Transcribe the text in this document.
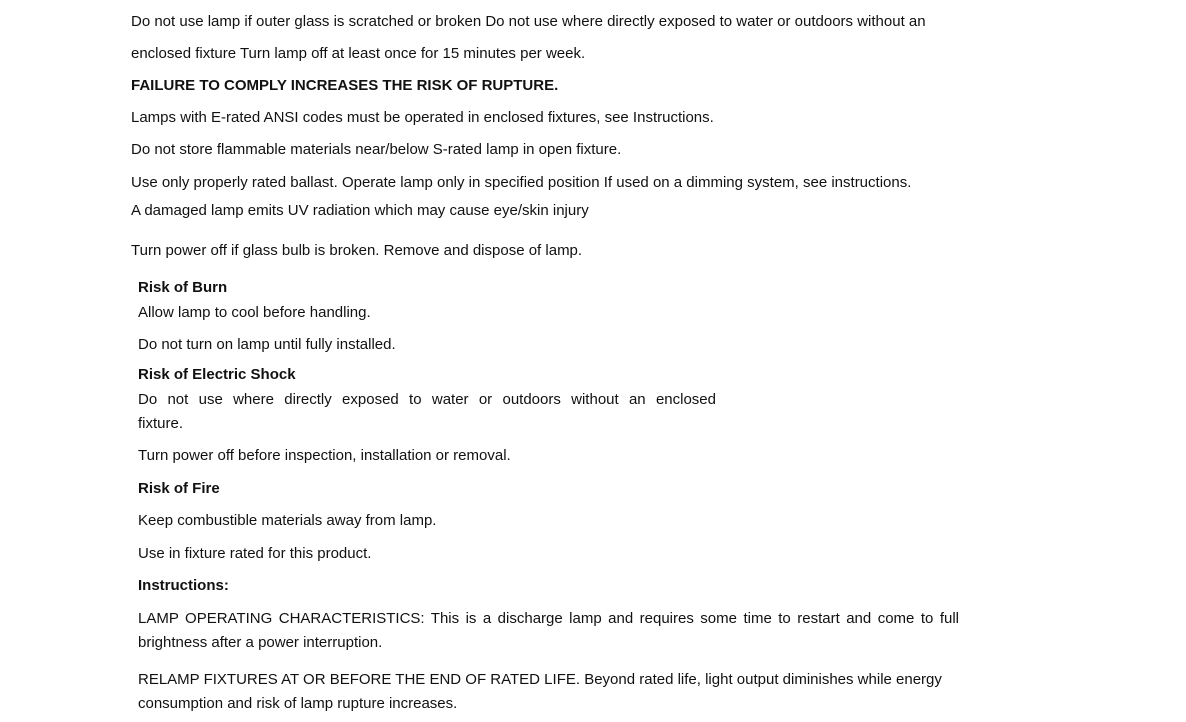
Do not use lamp if outer glass is scratched or broken Do not use where directly exposed to water or outdoors without an
enclosed fixture Turn lamp off at least once for 15 minutes per week.
FAILURE TO COMPLY INCREASES THE RISK OF RUPTURE.
Lamps with E-rated ANSI codes must be operated in enclosed fixtures, see Instructions.
Do not store flammable materials near/below S-rated lamp in open fixture.
Use only properly rated ballast. Operate lamp only in specified position If used on a dimming system, see instructions.
A damaged lamp emits UV radiation which may cause eye/skin injury
Turn power off if glass bulb is broken. Remove and dispose of lamp.
Risk of Burn
Allow lamp to cool before handling.
Do not turn on lamp until fully installed.
Risk of Electric Shock
Do not use where directly exposed to water or outdoors without an enclosed
fixture.
Turn power off before inspection, installation or removal.
Risk of Fire
Keep combustible materials away from lamp.
Use in fixture rated for this product.
Instructions:
LAMP OPERATING CHARACTERISTICS: This is a discharge lamp and requires some time to restart and come to full
brightness after a power interruption.
RELAMP FIXTURES AT OR BEFORE THE END OF RATED LIFE. Beyond rated life, light output diminishes while energy
consumption and risk of lamp rupture increases.
